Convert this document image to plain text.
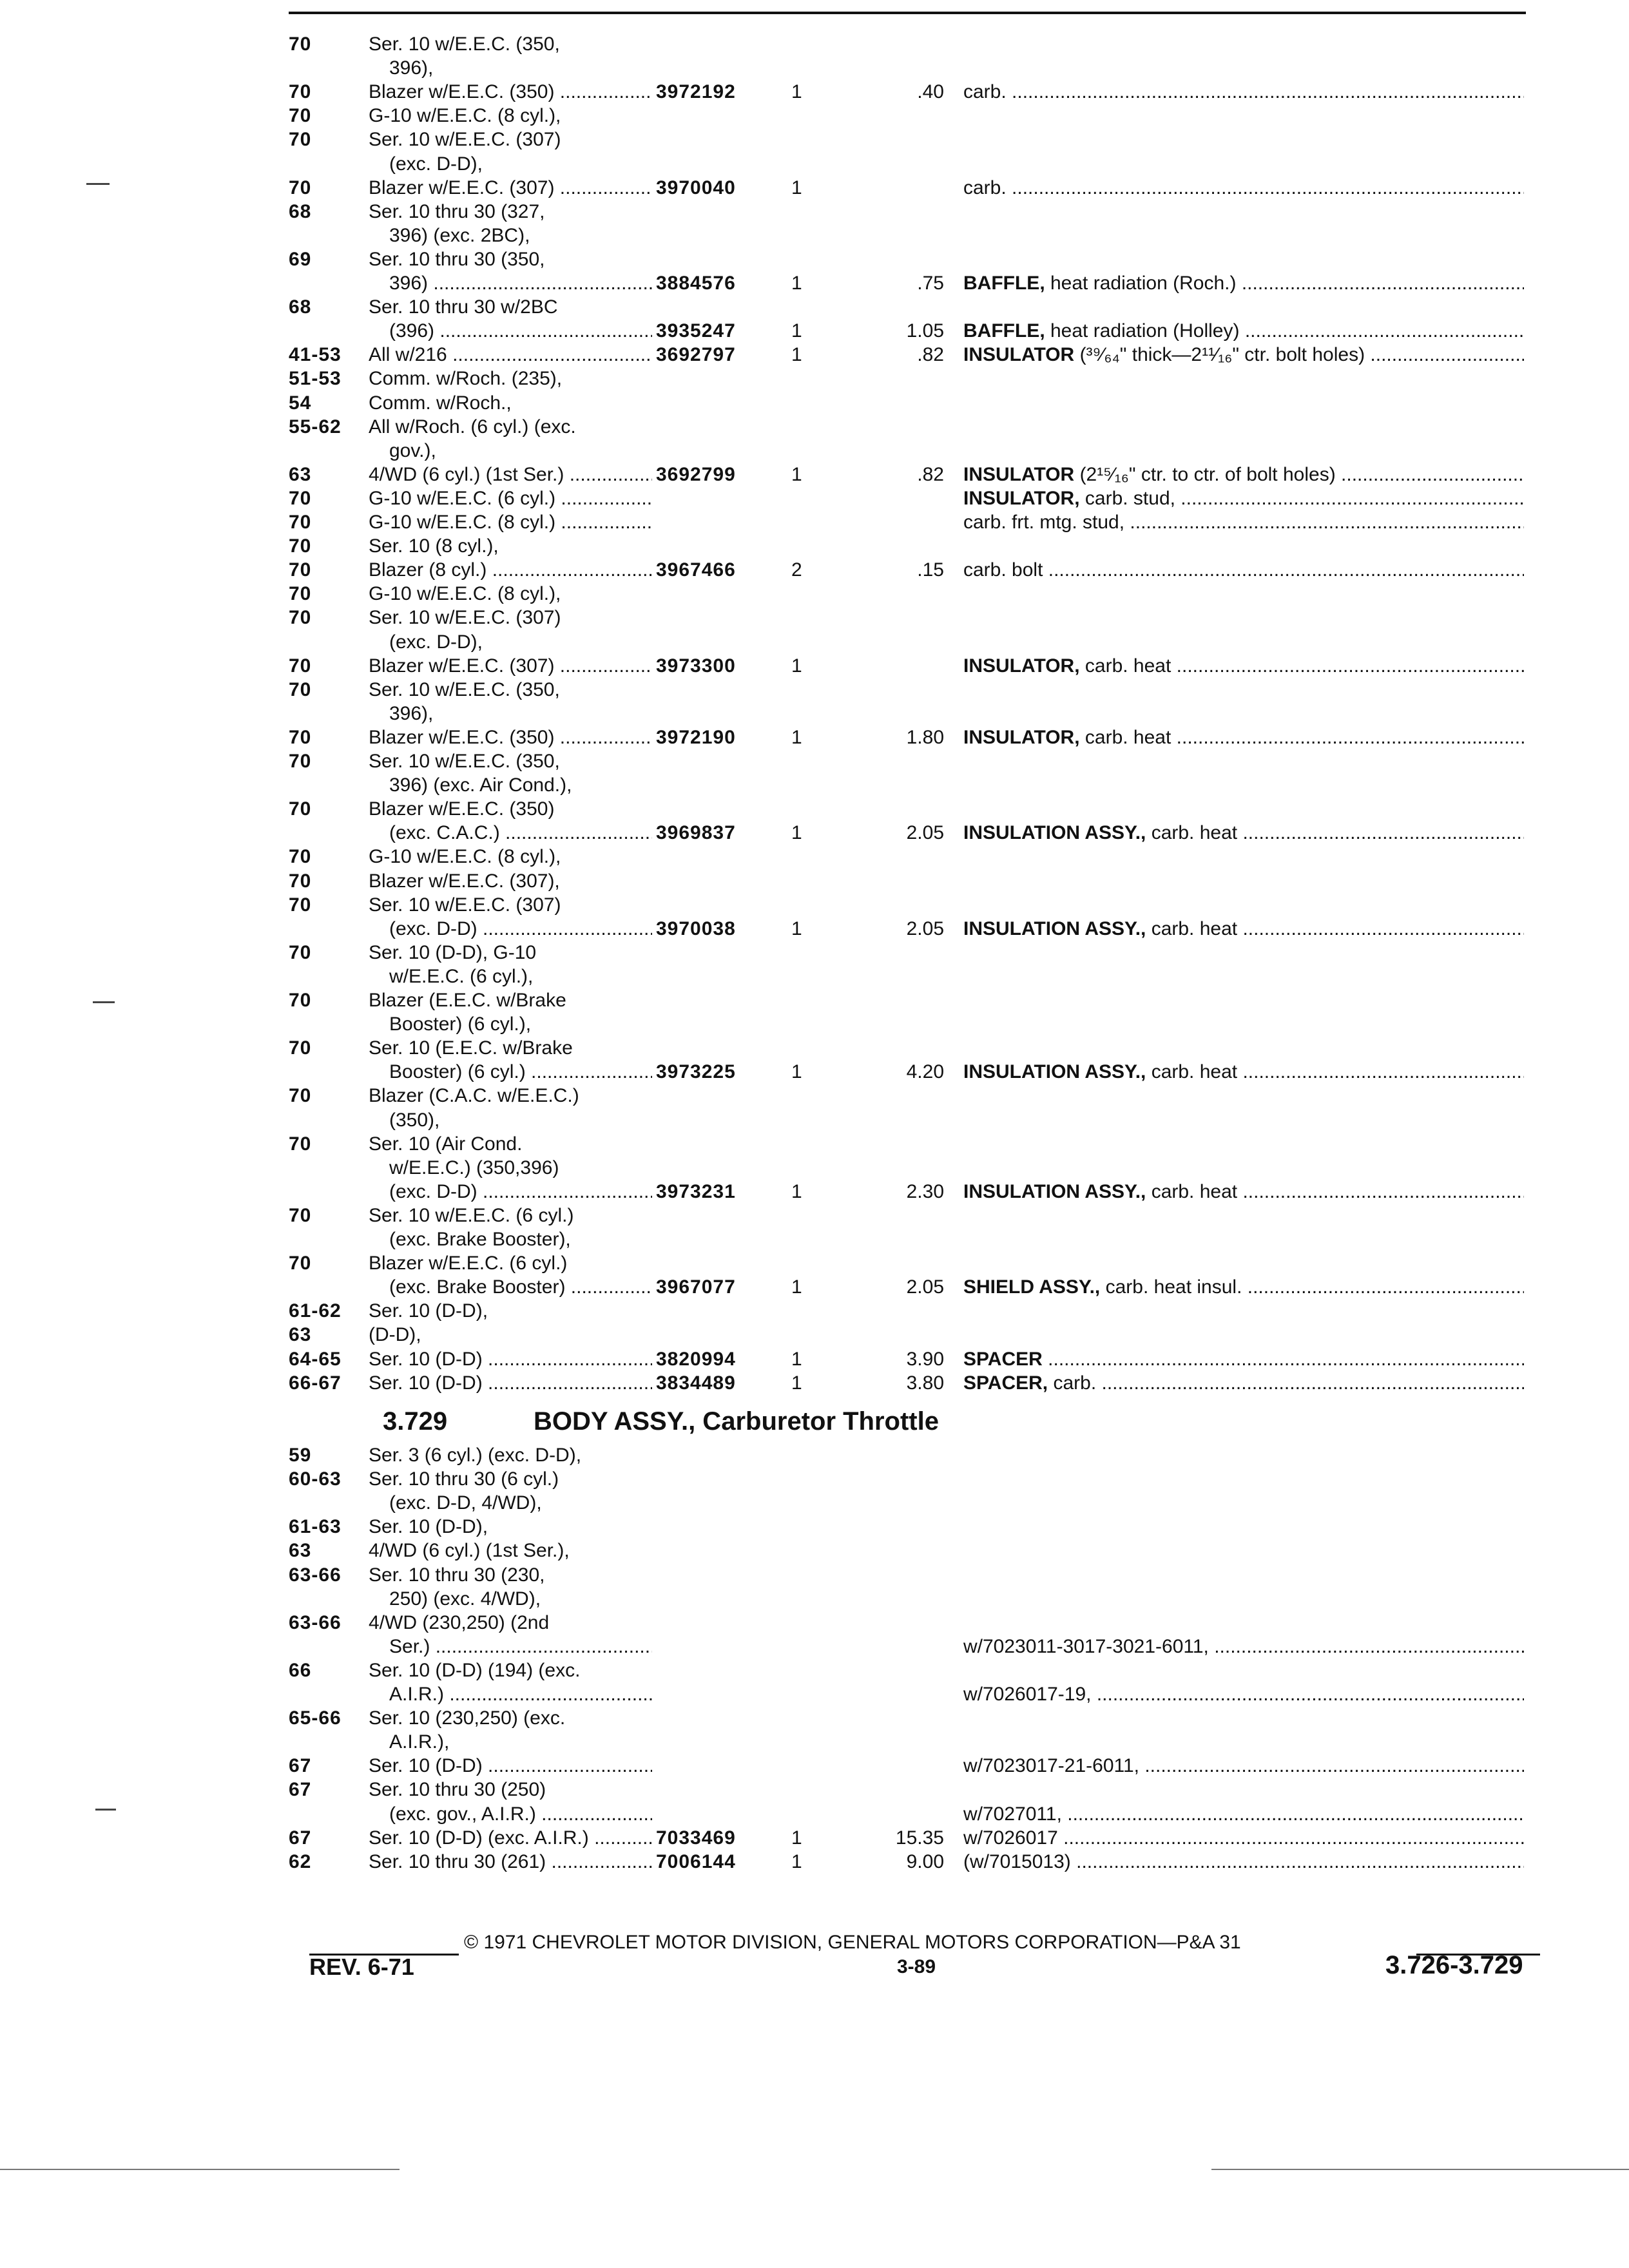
70	Ser. 10 w/E.E.C. (350,
396),
70	Blazer w/E.E.C. (350) .....	3972192	1	.40 carb. .....
70	G-10 w/E.E.C. (8 cyl.),
70	Ser. 10 w/E.E.C. (307)
(exc. D-D),
70	Blazer w/E.E.C. (307) .....	3970040	1	carb. .....
68	Ser. 10 thru 30 (327,
396) (exc. 2BC),
69	Ser. 10 thru 30 (350,
396) .....	3884576	1	.75 BAFFLE, heat radiation (Roch.) .....
68	Ser. 10 thru 30 w/2BC
(396) .....	3935247	1	1.05 BAFFLE, heat radiation (Holley) .....
41-53 All w/216 .....	3692797	1	.82 INSULATOR (³⁹⁄₆₄" thick—2¹¹⁄₁₆" ctr. bolt holes) .....
51-53 Comm. w/Roch. (235),
54	Comm. w/Roch.,
55-62 All w/Roch. (6 cyl.) (exc.
gov.),
63	4/WD (6 cyl.) (1st Ser.) .....	3692799	1	.82 INSULATOR (2¹⁵⁄₁₆" ctr. to ctr. of bolt holes) .....
70	G-10 w/E.E.C. (6 cyl.) .....	INSULATOR, carb. stud, .....
70	G-10 w/E.E.C. (8 cyl.) .....	carb. frt. mtg. stud, .....
70	Ser. 10 (8 cyl.),
70	Blazer (8 cyl.) .....	3967466	2	.15 carb. bolt .....
70	G-10 w/E.E.C. (8 cyl.),
70	Ser. 10 w/E.E.C. (307)
(exc. D-D),
70	Blazer w/E.E.C. (307) .....	3973300	1	INSULATOR, carb. heat .....
70	Ser. 10 w/E.E.C. (350,
396),
70	Blazer w/E.E.C. (350) .....	3972190	1	1.80 INSULATOR, carb. heat .....
70	Ser. 10 w/E.E.C. (350,
396) (exc. Air Cond.),
70	Blazer w/E.E.C. (350)
(exc. C.A.C.) .....	3969837	1	2.05 INSULATION ASSY., carb. heat .....
70	G-10 w/E.E.C. (8 cyl.),
70	Blazer w/E.E.C. (307),
70	Ser. 10 w/E.E.C. (307)
(exc. D-D) .....	3970038	1	2.05 INSULATION ASSY., carb. heat .....
70	Ser. 10 (D-D), G-10
w/E.E.C. (6 cyl.),
70	Blazer (E.E.C. w/Brake
Booster) (6 cyl.),
70	Ser. 10 (E.E.C. w/Brake
Booster) (6 cyl.) .....	3973225	1	4.20 INSULATION ASSY., carb. heat .....
70	Blazer (C.A.C. w/E.E.C.)
(350),
70	Ser. 10 (Air Cond.
w/E.E.C.) (350,396)
(exc. D-D) .....	3973231	1	2.30 INSULATION ASSY., carb. heat .....
70	Ser. 10 w/E.E.C. (6 cyl.)
(exc. Brake Booster),
70	Blazer w/E.E.C. (6 cyl.)
(exc. Brake Booster) .....	3967077	1	2.05 SHIELD ASSY., carb. heat insul. .....
61-62 Ser. 10 (D-D),
63	(D-D),
64-65 Ser. 10 (D-D) .....	3820994	1	3.90 SPACER .....
66-67 Ser. 10 (D-D) .....	3834489	1	3.80 SPACER, carb. .....
3.729	BODY ASSY., Carburetor Throttle
59	Ser. 3 (6 cyl.) (exc. D-D),
60-63 Ser. 10 thru 30 (6 cyl.)
(exc. D-D, 4/WD),
61-63 Ser. 10 (D-D),
63	4/WD (6 cyl.) (1st Ser.),
63-66 Ser. 10 thru 30 (230,
250) (exc. 4/WD),
63-66 4/WD (230,250) (2nd
Ser.) .....	w/7023011-3017-3021-6011, .....
66	Ser. 10 (D-D) (194) (exc.
A.I.R.) .....	w/7026017-19, .....
65-66 Ser. 10 (230,250) (exc.
A.I.R.),
67	Ser. 10 (D-D) .....	w/7023017-21-6011, .....
67	Ser. 10 thru 30 (250)
(exc. gov., A.I.R.) .....	w/7027011, .....
67	Ser. 10 (D-D) (exc. A.I.R.) .....	7033469	1	15.35 w/7026017 .....
62	Ser. 10 thru 30 (261) .....	7006144	1	9.00 (w/7015013) .....
© 1971 CHEVROLET MOTOR DIVISION, GENERAL MOTORS CORPORATION—P&A 31
REV. 6-71	3-89	3.726-3.729
